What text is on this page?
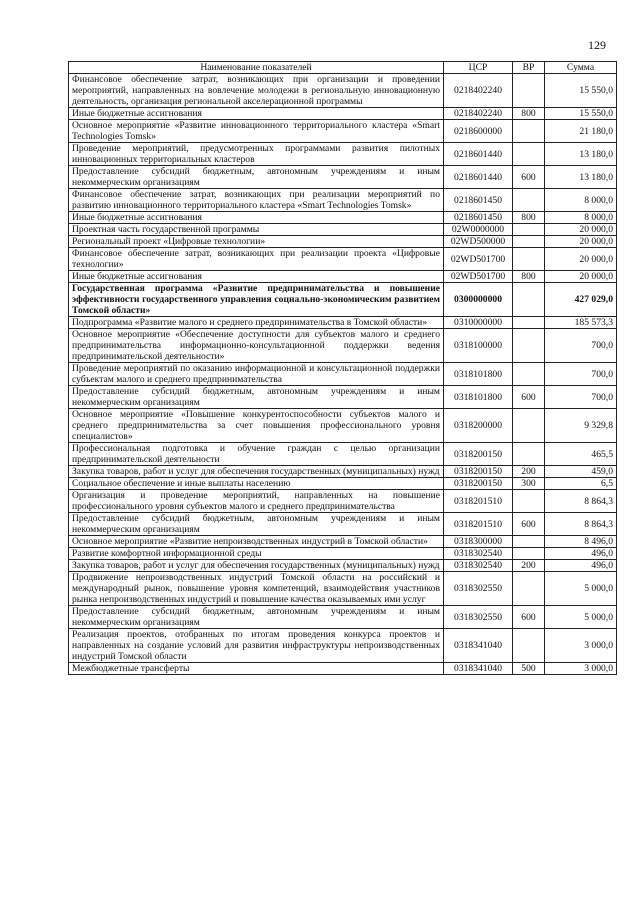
129
Наименование показателей	ЦСР	ВР	Сумма
Финансовое обеспечение затрат, возникающих при организации и проведении мероприятий, направленных на вовлечение молодежи в региональную инновационную деятельность, организация региональной акселерационной программы	0218402240		15 550,0
Иные бюджетные ассигнования	0218402240	800	15 550,0
Основное мероприятие «Развитие инновационного территориального кластера «Smart Technologies Tomsk»	0218600000		21 180,0
Проведение мероприятий, предусмотренных программами развития пилотных инновационных территориальных кластеров	0218601440		13 180,0
Предоставление субсидий бюджетным, автономным учреждениям и иным некоммерческим организациям	0218601440	600	13 180,0
Финансовое обеспечение затрат, возникающих при реализации мероприятий по развитию инновационного территориального кластера «Smart Technologies Tomsk»	0218601450		8 000,0
Иные бюджетные ассигнования	0218601450	800	8 000,0
Проектная часть государственной программы	02W0000000		20 000,0
Региональный проект «Цифровые технологии»	02WD500000		20 000,0
Финансовое обеспечение затрат, возникающих при реализации проекта «Цифровые технологии»	02WD501700		20 000,0
Иные бюджетные ассигнования	02WD501700	800	20 000,0
Государственная программа «Развитие предпринимательства и повышение эффективности государственного управления социально-экономическим развитием Томской области»	0300000000		427 029,0
Подпрограмма «Развитие малого и среднего предпринимательства в Томской области»	0310000000		185 573,3
Основное мероприятие «Обеспечение доступности для субъектов малого и среднего предпринимательства информационно-консультационной поддержки ведения предпринимательской деятельности»	0318100000		700,0
Проведение мероприятий по оказанию информационной и консультационной поддержки субъектам малого и среднего предпринимательства	0318101800		700,0
Предоставление субсидий бюджетным, автономным учреждениям и иным некоммерческим организациям	0318101800	600	700,0
Основное мероприятие «Повышение конкурентоспособности субъектов малого и среднего предпринимательства за счет повышения профессионального уровня специалистов»	0318200000		9 329,8
Профессиональная подготовка и обучение граждан с целью организации предпринимательской деятельности	0318200150		465,5
Закупка товаров, работ и услуг для обеспечения государственных (муниципальных) нужд	0318200150	200	459,0
Социальное обеспечение и иные выплаты населению	0318200150	300	6,5
Организация и проведение мероприятий, направленных на повышение профессионального уровня субъектов малого и среднего предпринимательства	0318201510		8 864,3
Предоставление субсидий бюджетным, автономным учреждениям и иным некоммерческим организациям	0318201510	600	8 864,3
Основное мероприятие «Развитие непроизводственных индустрий в Томской области»	0318300000		8 496,0
Развитие комфортной информационной среды	0318302540		496,0
Закупка товаров, работ и услуг для обеспечения государственных (муниципальных) нужд	0318302540	200	496,0
Продвижение непроизводственных индустрий Томской области на российский и международный рынок, повышение уровня компетенций, взаимодействия участников рынка непроизводственных индустрий и повышение качества оказываемых ими услуг	0318302550		5 000,0
Предоставление субсидий бюджетным, автономным учреждениям и иным некоммерческим организациям	0318302550	600	5 000,0
Реализация проектов, отобранных по итогам проведения конкурса проектов и направленных на создание условий для развития инфраструктуры непроизводственных индустрий Томской области	0318341040		3 000,0
Межбюджетные трансферты	0318341040	500	3 000,0
